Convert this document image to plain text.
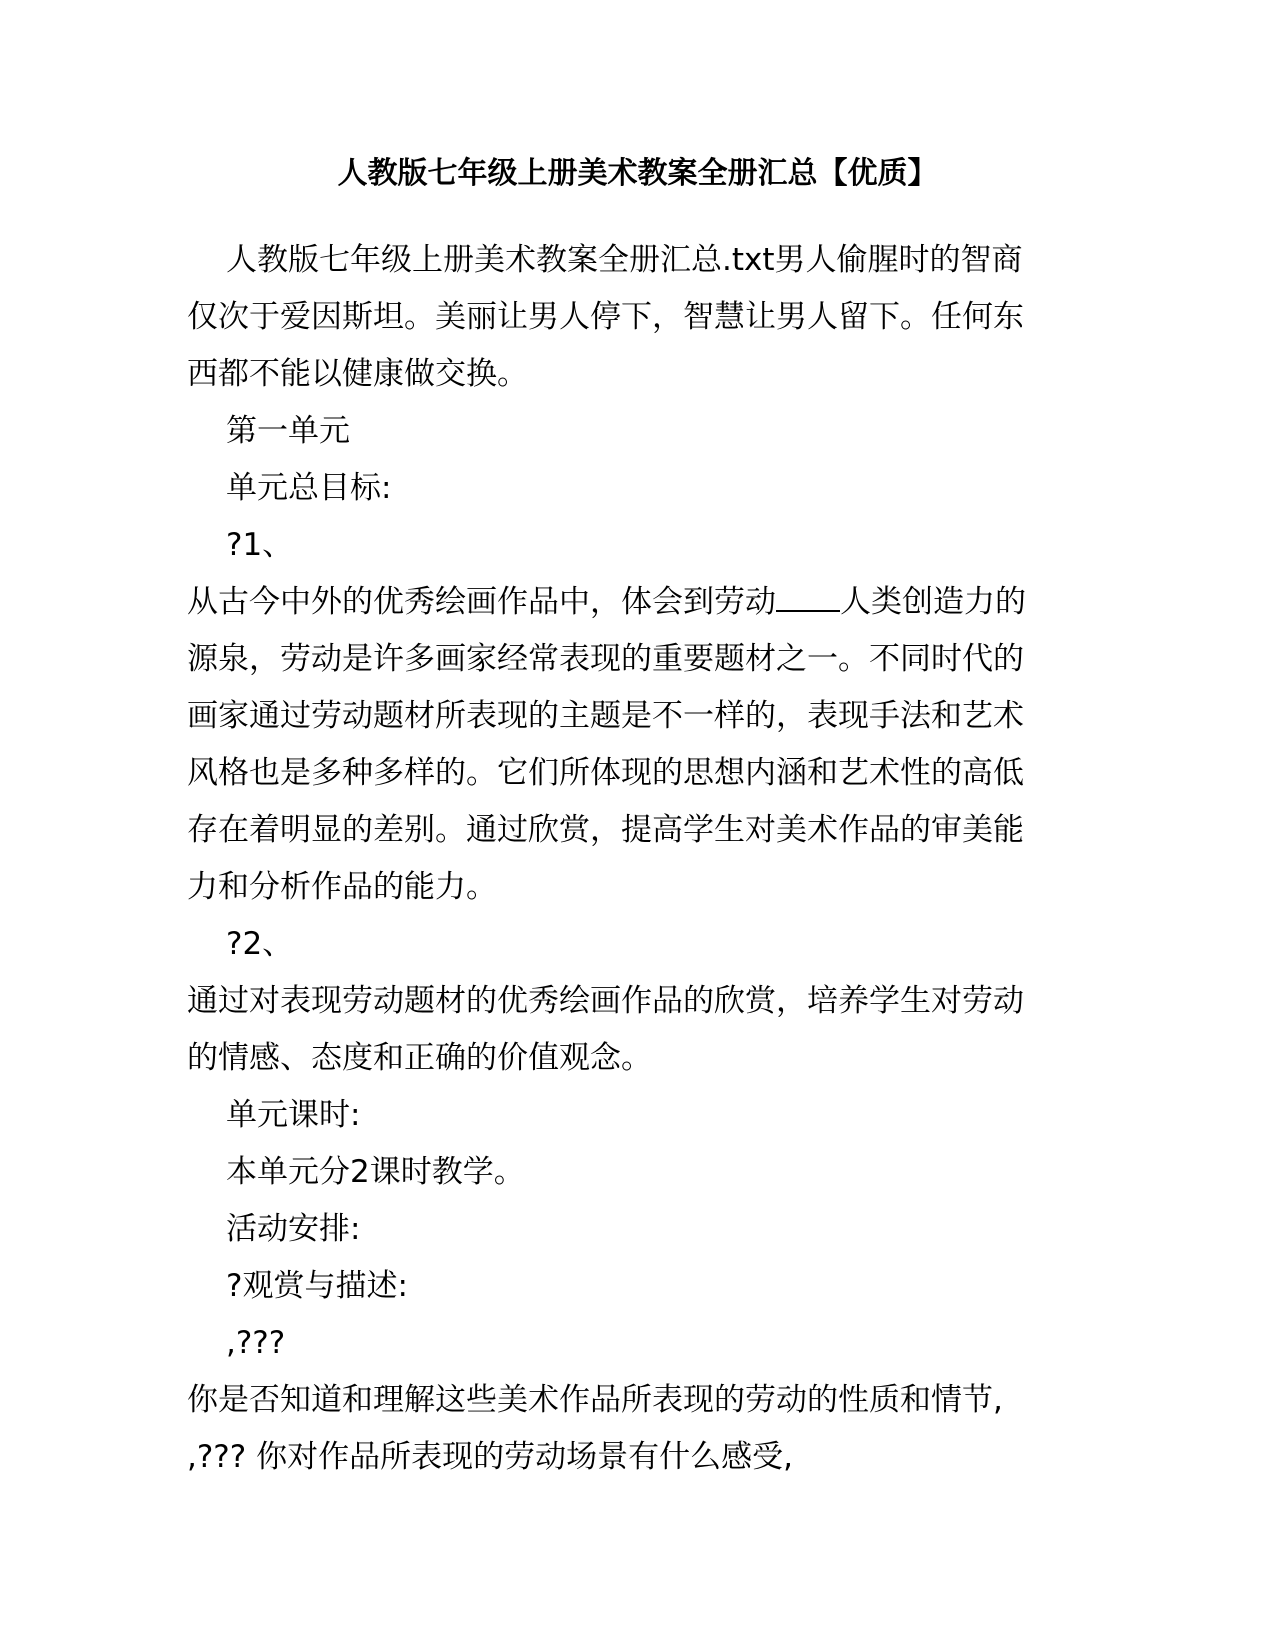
人教版七年级上册美术教案全册汇总【优质】

人教版七年级上册美术教案全册汇总.txt男人偷腥时的智商

仅次于爱因斯坦。美丽让男人停下，智慧让男人留下。任何东

西都不能以健康做交换。

第一单元

单元总目标:

?1、

从古今中外的优秀绘画作品中，体会到劳动 人类创造力的

源泉，劳动是许多画家经常表现的重要题材之一。不同时代的

画家通过劳动题材所表现的主题是不一样的，表现手法和艺术

风格也是多种多样的。它们所体现的思想内涵和艺术性的高低

存在着明显的差别。通过欣赏，提高学生对美术作品的审美能

力和分析作品的能力。

?2、

通过对表现劳动题材的优秀绘画作品的欣赏，培养学生对劳动

的情感、态度和正确的价值观念。

单元课时:

本单元分2课时教学。

活动安排:

?观赏与描述:

,???

你是否知道和理解这些美术作品所表现的劳动的性质和情节,

,??? 你对作品所表现的劳动场景有什么感受,
